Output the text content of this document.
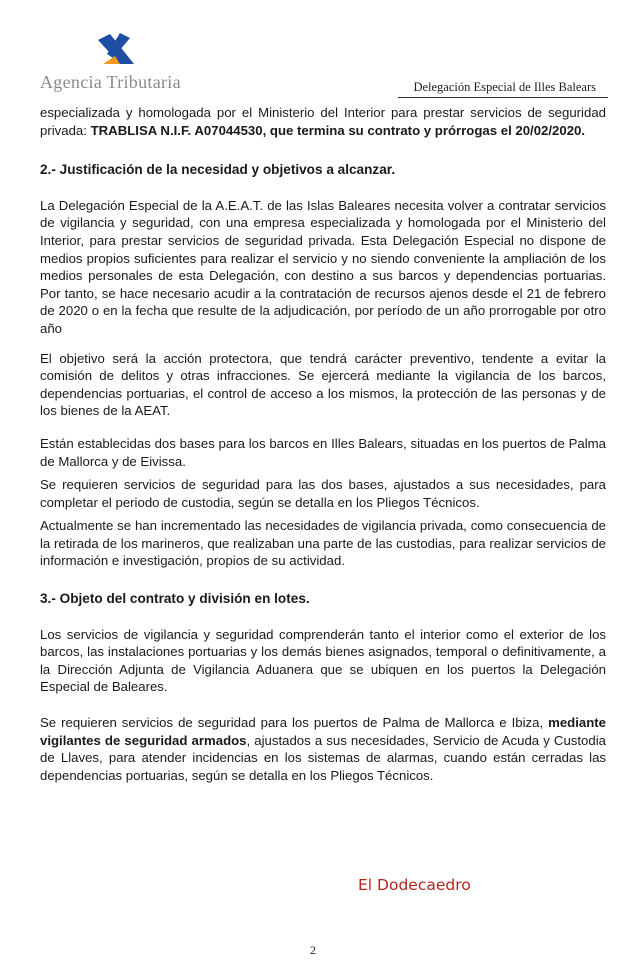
Agencia Tributaria	Delegación Especial de Illes Balears

especializada y homologada por el Ministerio del Interior para prestar servicios de seguridad privada: TRABLISA N.I.F. A07044530, que termina su contrato y prórrogas el 20/02/2020.

2.- Justificación de la necesidad y objetivos a alcanzar.

La Delegación Especial de la A.E.A.T. de las Islas Baleares necesita volver a contratar servicios de vigilancia y seguridad, con una empresa especializada y homologada por el Ministerio del Interior, para prestar servicios de seguridad privada. Esta Delegación Especial no dispone de medios propios suficientes para realizar el servicio y no siendo conveniente la ampliación de los medios personales de esta Delegación, con destino a sus barcos y dependencias portuarias. Por tanto, se hace necesario acudir a la contratación de recursos ajenos desde el 21 de febrero de 2020 o en la fecha que resulte de la adjudicación, por período de un año prorrogable por otro año

El objetivo será la acción protectora, que tendrá carácter preventivo, tendente a evitar la comisión de delitos y otras infracciones. Se ejercerá mediante la vigilancia de los barcos, dependencias portuarias, el control de acceso a los mismos, la protección de las personas y de los bienes de la AEAT.

Están establecidas dos bases para los barcos en Illes Balears, situadas en los puertos de Palma de Mallorca y de Eivissa.

Se requieren servicios de seguridad para las dos bases, ajustados a sus necesidades, para completar el periodo de custodia, según se detalla en los Pliegos Técnicos.

Actualmente se han incrementado las necesidades de vigilancia privada, como consecuencia de la retirada de los marineros, que realizaban una parte de las custodias, para realizar servicios de información e investigación, propios de su actividad.

3.- Objeto del contrato y división en lotes.

Los servicios de vigilancia y seguridad comprenderán tanto el interior como el exterior de los barcos, las instalaciones portuarias y los demás bienes asignados, temporal o definitivamente, a la Dirección Adjunta de Vigilancia Aduanera que se ubiquen en los puertos la Delegación Especial de Baleares.

Se requieren servicios de seguridad para los puertos de Palma de Mallorca e Ibiza, mediante vigilantes de seguridad armados, ajustados a sus necesidades, Servicio de Acuda y Custodia de Llaves, para atender incidencias en los sistemas de alarmas, cuando están cerradas las dependencias portuarias, según se detalla en los Pliegos Técnicos.

El Dodecaedro
2
